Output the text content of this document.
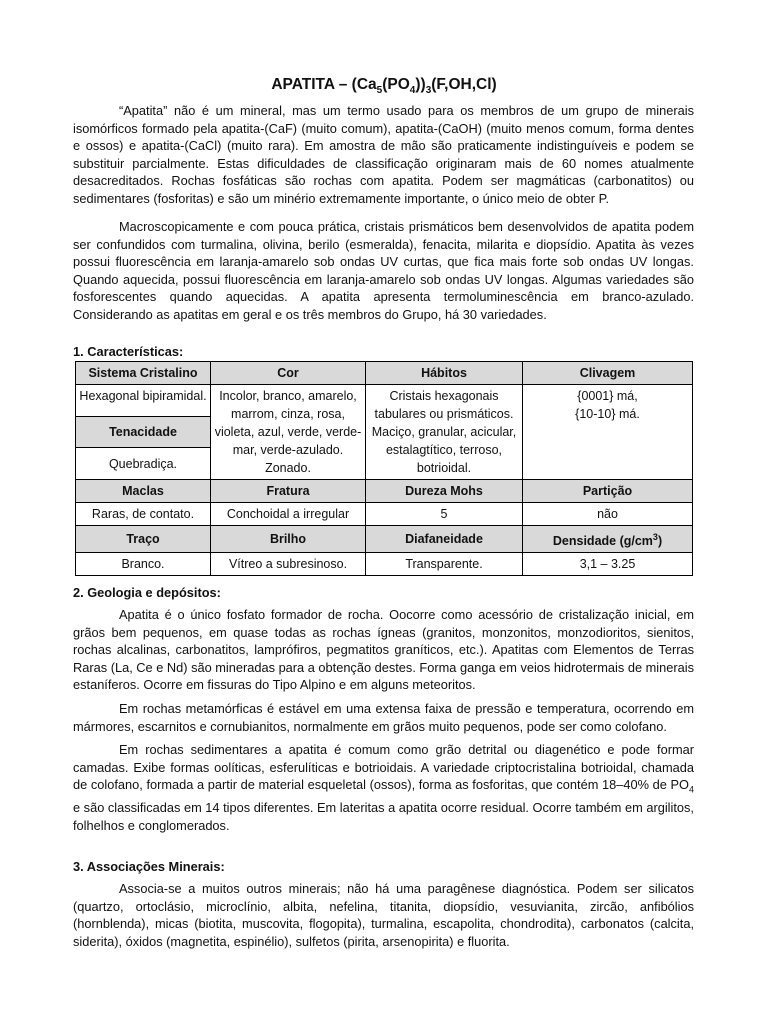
APATITA – $(Ca_5(PO_4))_3(F,OH,Cl)$

“Apatita” não é um mineral, mas um termo usado para os membros de um grupo de minerais isomórficos formado pela apatita-(CaF) (muito comum), apatita-(CaOH) (muito menos comum, forma dentes e ossos) e apatita-(CaCl) (muito rara). Em amostra de mão são praticamente indistinguíveis e podem se substituir parcialmente. Estas dificuldades de classificação originaram mais de 60 nomes atualmente desacreditados. Rochas fosfáticas são rochas com apatita. Podem ser magmáticas (carbonatitos) ou sedimentares (fosforitas) e são um minério extremamente importante, o único meio de obter P.

Macroscopicamente e com pouca prática, cristais prismáticos bem desenvolvidos de apatita podem ser confundidos com turmalina, olivina, berilo (esmeralda), fenacita, milarita e diopsídio. Apatita às vezes possui fluorescência em laranja-amarelo sob ondas UV curtas, que fica mais forte sob ondas UV longas. Quando aquecida, possui fluorescência em laranja-amarelo sob ondas UV longas. Algumas variedades são fosforescentes quando aquecidas. A apatita apresenta termoluminescência em branco-azulado. Considerando as apatitas em geral e os três membros do Grupo, há 30 variedades.

1. Características:

Sistema Cristalino	Cor	Hábitos	Clivagem
Hexagonal bipiramidal.	Incolor, branco, amarelo, marrom, cinza, rosa, violeta, azul, verde, verde-mar, verde-azulado. Zonado.	Cristais hexagonais tabulares ou prismáticos. Maciço, granular, acicular, estalagtítico, terroso, botrioidal.	{0001} má,
{10-10} má.

Tenacidade			
Quebradiça.			
Maclas	Fratura	Dureza Mohs	Partição
Raras, de contato.	Conchoidal a irregular	5	não
Traço	Brilho	Diafaneidade	Densidade $(g/cm^3)$
Branco.	Vítreo a subresinoso.	Transparente.	3,1 – 3.25

2. Geologia e depósitos:

Apatita é o único fosfato formador de rocha. Oocorre como acessório de cristalização inicial, em grãos bem pequenos, em quase todas as rochas ígneas (granitos, monzonitos, monzodioritos, sienitos, rochas alcalinas, carbonatitos, lamprófiros, pegmatitos graníticos, etc.). Apatitas com Elementos de Terras Raras (La, Ce e Nd) são mineradas para a obtenção destes. Forma ganga em veios hidrotermais de minerais estaníferos. Ocorre em fissuras do Tipo Alpino e em alguns meteoritos.

Em rochas metamórficas é estável em uma extensa faixa de pressão e temperatura, ocorrendo em mármores, escarnitos e cornubianitos, normalmente em grãos muito pequenos, pode ser como colofano.

Em rochas sedimentares a apatita é comum como grão detrital ou diagenético e pode formar camadas. Exibe formas oolíticas, esferulíticas e botrioidais. A variedade criptocristalina botrioidal, chamada de colofano, formada a partir de material esqueletal (ossos), forma as fosforitas, que contém 18–40% de $PO_4$ e são classificadas em 14 tipos diferentes. Em lateritas a apatita ocorre residual. Ocorre também em argilitos, folhelhos e conglomerados.

3. Associações Minerais:

Associa-se a muitos outros minerais; não há uma paragênese diagnóstica. Podem ser silicatos (quartzo, ortoclásio, microclínio, albita, nefelina, titanita, diopsídio, vesuvianita, zircão, anfibólios (hornblenda), micas (biotita, muscovita, flogopita), turmalina, escapolita, chondrodita), carbonatos (calcita, siderita), óxidos (magnetita, espinélio), sulfetos (pirita, arsenopirita) e fluorita.
